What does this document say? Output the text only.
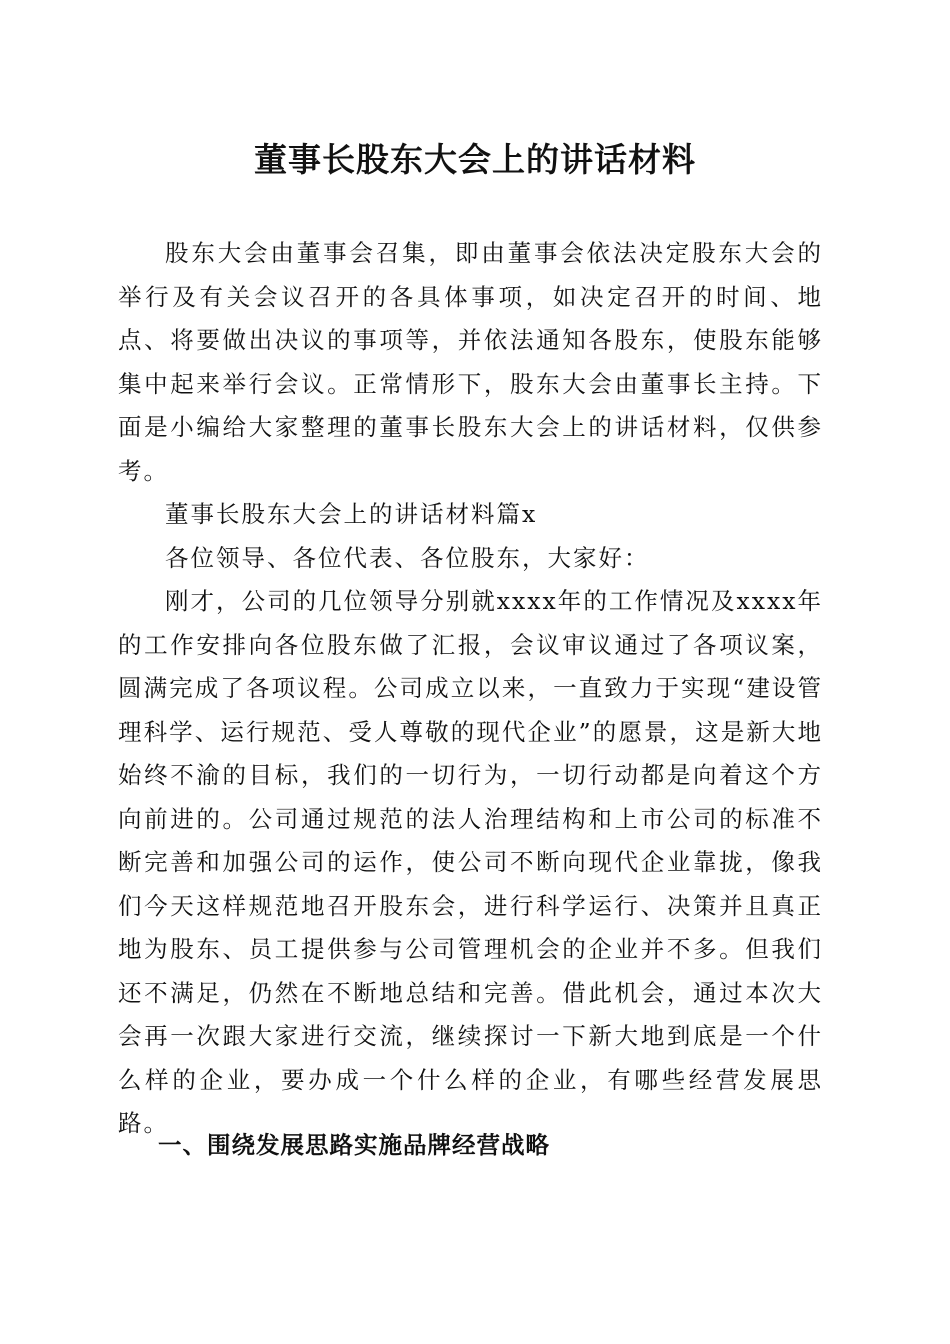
董事长股东大会上的讲话材料

股东大会由董事会召集，即由董事会依法决定股东大会的举行及有关会议召开的各具体事项，如决定召开的时间、地点、将要做出决议的事项等，并依法通知各股东，使股东能够集中起来举行会议。正常情形下，股东大会由董事长主持。下面是小编给大家整理的董事长股东大会上的讲话材料，仅供参考。

董事长股东大会上的讲话材料篇x

各位领导、各位代表、各位股东，大家好：

刚才，公司的几位领导分别就xxxx年的工作情况及xxxx年的工作安排向各位股东做了汇报，会议审议通过了各项议案，圆满完成了各项议程。公司成立以来，一直致力于实现“建设管理科学、运行规范、受人尊敬的现代企业”的愿景，这是新大地始终不渝的目标，我们的一切行为，一切行动都是向着这个方向前进的。公司通过规范的法人治理结构和上市公司的标准不断完善和加强公司的运作，使公司不断向现代企业靠拢，像我们今天这样规范地召开股东会，进行科学运行、决策并且真正地为股东、员工提供参与公司管理机会的企业并不多。但我们还不满足，仍然在不断地总结和完善。借此机会，通过本次大会再一次跟大家进行交流，继续探讨一下新大地到底是一个什么样的企业，要办成一个什么样的企业，有哪些经营发展思路。

一、围绕发展思路实施品牌经营战略
